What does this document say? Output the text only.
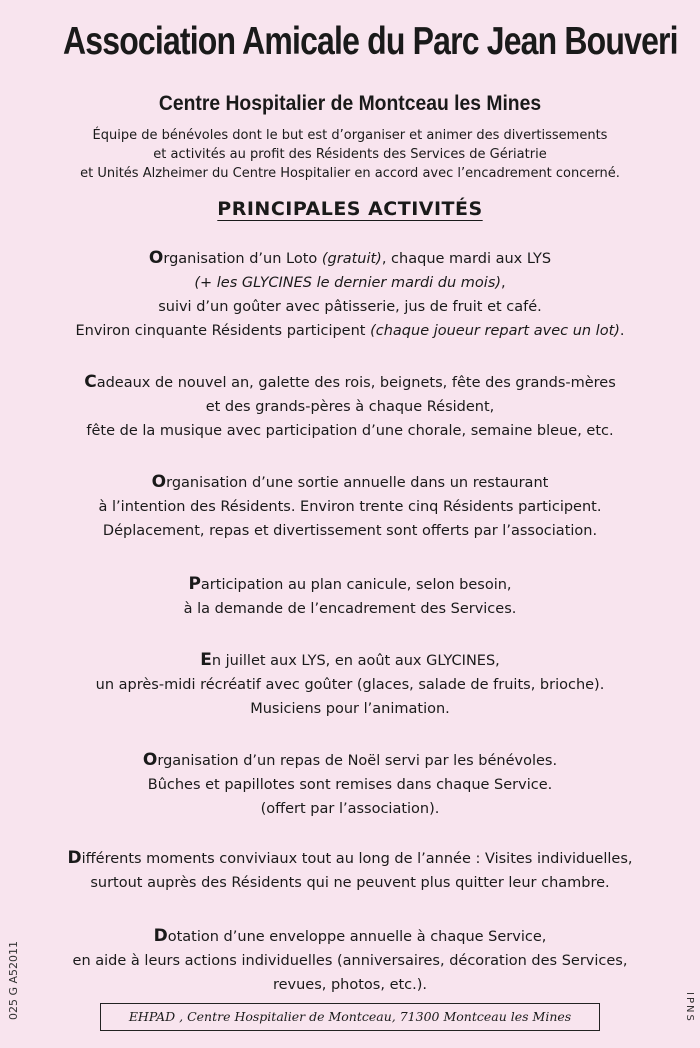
Association Amicale du Parc Jean Bouveri
Centre Hospitalier de Montceau les Mines
Équipe de bénévoles dont le but est d’organiser et animer des divertissements
et activités au profit des Résidents des Services de Gériatrie
et Unités Alzheimer du Centre Hospitalier en accord avec l’encadrement concerné.
PRINCIPALES ACTIVITÉS
Organisation d’un Loto (gratuit), chaque mardi aux LYS
(+ les GLYCINES le dernier mardi du mois),
suivi d’un goûter avec pâtisserie, jus de fruit et café.
Environ cinquante Résidents participent (chaque joueur repart avec un lot).
Cadeaux de nouvel an, galette des rois, beignets, fête des grands-mères
et des grands-pères à chaque Résident,
fête de la musique avec participation d’une chorale, semaine bleue, etc.
Organisation d’une sortie annuelle dans un restaurant
à l’intention des Résidents. Environ trente cinq Résidents participent.
Déplacement, repas et divertissement sont offerts par l’association.
Participation au plan canicule, selon besoin,
à la demande de l’encadrement des Services.
En juillet aux LYS, en août aux GLYCINES,
un après-midi récréatif avec goûter (glaces, salade de fruits, brioche).
Musiciens pour l’animation.
Organisation d’un repas de Noël servi par les bénévoles.
Bûches et papillotes sont remises dans chaque Service.
(offert par l’association).
Différents moments conviviaux tout au long de l’année : Visites individuelles,
surtout auprès des Résidents qui ne peuvent plus quitter leur chambre.
Dotation d’une enveloppe annuelle à chaque Service,
en aide à leurs actions individuelles (anniversaires, décoration des Services,
revues, photos, etc.).
025 G A52011	IPNS
EHPAD , Centre Hospitalier de Montceau, 71300 Montceau les Mines
